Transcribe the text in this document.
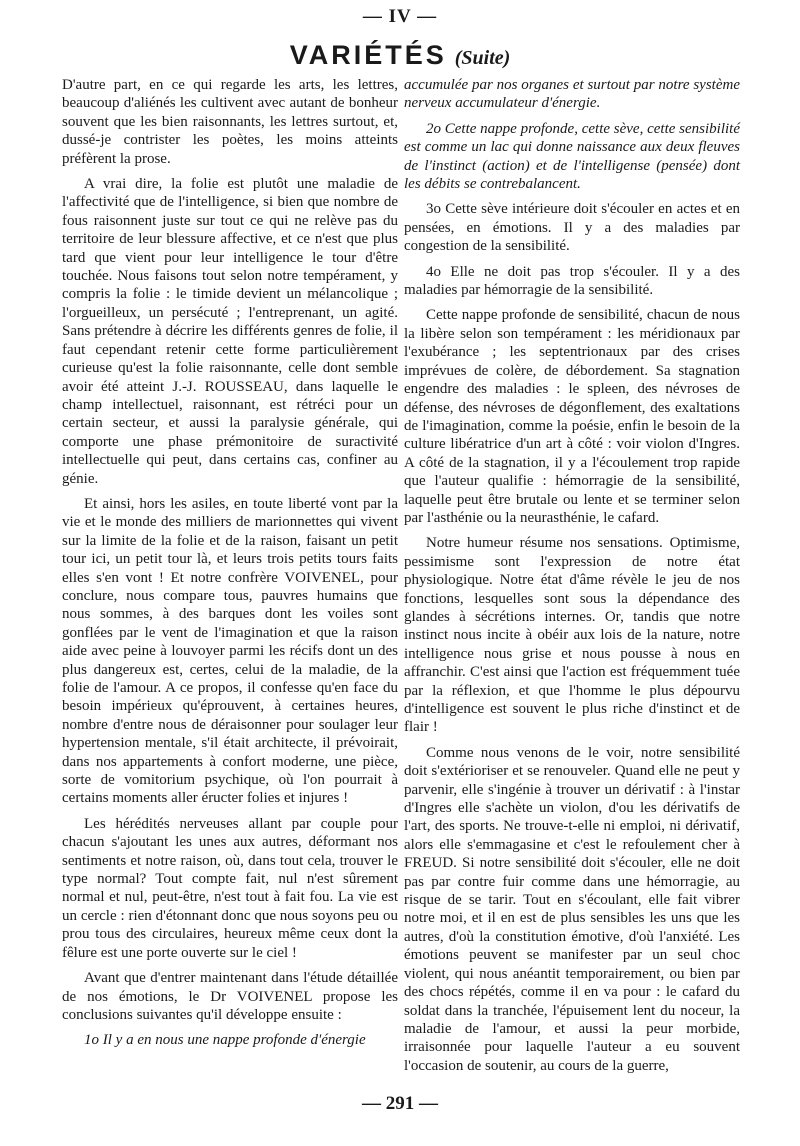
— IV —
VARIÉTÉS (Suite)

D'autre part, en ce qui regarde les arts, les lettres, beaucoup d'aliénés les cultivent avec autant de bonheur souvent que les bien raisonnants, les lettres surtout, et, dussé-je contrister les poètes, les moins atteints préfèrent la prose.

A vrai dire, la folie est plutôt une maladie de l'affectivité que de l'intelligence, si bien que nombre de fous raisonnent juste sur tout ce qui ne relève pas du territoire de leur blessure affective, et ce n'est que plus tard que vient pour leur intelligence le tour d'être touchée. Nous faisons tout selon notre tempérament, y compris la folie : le timide devient un mélancolique ; l'orgueilleux, un persécuté ; l'entreprenant, un agité. Sans prétendre à décrire les différents genres de folie, il faut cependant retenir cette forme particulièrement curieuse qu'est la folie raisonnante, celle dont semble avoir été atteint J.-J. ROUSSEAU, dans laquelle le champ intellectuel, raisonnant, est rétréci pour un certain secteur, et aussi la paralysie générale, qui comporte une phase prémonitoire de suractivité intellectuelle qui peut, dans certains cas, confiner au génie.

Et ainsi, hors les asiles, en toute liberté vont par la vie et le monde des milliers de marionnettes qui vivent sur la limite de la folie et de la raison, faisant un petit tour ici, un petit tour là, et leurs trois petits tours faits elles s'en vont ! Et notre confrère VOIVENEL, pour conclure, nous compare tous, pauvres humains que nous sommes, à des barques dont les voiles sont gonflées par le vent de l'imagination et que la raison aide avec peine à louvoyer parmi les récifs dont un des plus dangereux est, certes, celui de la maladie, de la folie de l'amour. A ce propos, il confesse qu'en face du besoin impérieux qu'éprouvent, à certaines heures, nombre d'entre nous de déraisonner pour soulager leur hypertension mentale, s'il était architecte, il prévoirait, dans nos appartements à confort moderne, une pièce, sorte de vomitorium psychique, où l'on pourrait à certains moments aller éructer folies et injures !

Les hérédités nerveuses allant par couple pour chacun s'ajoutant les unes aux autres, déformant nos sentiments et notre raison, où, dans tout cela, trouver le type normal? Tout compte fait, nul n'est sûrement normal et nul, peut-être, n'est tout à fait fou. La vie est un cercle : rien d'étonnant donc que nous soyons peu ou prou tous des circulaires, heureux même ceux dont la fêlure est une porte ouverte sur le ciel !

Avant que d'entrer maintenant dans l'étude détaillée de nos émotions, le Dr VOIVENEL propose les conclusions suivantes qu'il développe ensuite :

1o Il y a en nous une nappe profonde d'énergie

accumulée par nos organes et surtout par notre système nerveux accumulateur d'énergie.

2o Cette nappe profonde, cette sève, cette sensibilité est comme un lac qui donne naissance aux deux fleuves de l'instinct (action) et de l'intelligense (pensée) dont les débits se contrebalancent.

3o Cette sève intérieure doit s'écouler en actes et en pensées, en émotions. Il y a des maladies par congestion de la sensibilité.

4o Elle ne doit pas trop s'écouler. Il y a des maladies par hémorragie de la sensibilité.

Cette nappe profonde de sensibilité, chacun de nous la libère selon son tempérament : les méridionaux par l'exubérance ; les septentrionaux par des crises imprévues de colère, de débordement. Sa stagnation engendre des maladies : le spleen, des névroses de défense, des névroses de dégonflement, des exaltations de l'imagination, comme la poésie, enfin le besoin de la culture libératrice d'un art à côté : voir violon d'Ingres. A côté de la stagnation, il y a l'écoulement trop rapide que l'auteur qualifie : hémorragie de la sensibilité, laquelle peut être brutale ou lente et se terminer selon par l'asthénie ou la neurasthénie, le cafard.

Notre humeur résume nos sensations. Optimisme, pessimisme sont l'expression de notre état physiologique. Notre état d'âme révèle le jeu de nos fonctions, lesquelles sont sous la dépendance des glandes à sécrétions internes. Or, tandis que notre instinct nous incite à obéir aux lois de la nature, notre intelligence nous grise et nous pousse à nous en affranchir. C'est ainsi que l'action est fréquemment tuée par la réflexion, et que l'homme le plus dépourvu d'intelligence est souvent le plus riche d'instinct et de flair !

Comme nous venons de le voir, notre sensibilité doit s'extérioriser et se renouveler. Quand elle ne peut y parvenir, elle s'ingénie à trouver un dérivatif : à l'instar d'Ingres elle s'achète un violon, d'ou les dérivatifs de l'art, des sports. Ne trouve-t-elle ni emploi, ni dérivatif, alors elle s'emmagasine et c'est le refoulement cher à FREUD. Si notre sensibilité doit s'écouler, elle ne doit pas par contre fuir comme dans une hémorragie, au risque de se tarir. Tout en s'écoulant, elle fait vibrer notre moi, et il en est de plus sensibles les uns que les autres, d'où la constitution émotive, d'où l'anxiété. Les émotions peuvent se manifester par un seul choc violent, qui nous anéantit temporairement, ou bien par des chocs répétés, comme il en va pour : le cafard du soldat dans la tranchée, l'épuisement lent du noceur, la maladie de l'amour, et aussi la peur morbide, irraisonnée pour laquelle l'auteur a eu souvent l'occasion de soutenir, au cours de la guerre,

— 291 —
